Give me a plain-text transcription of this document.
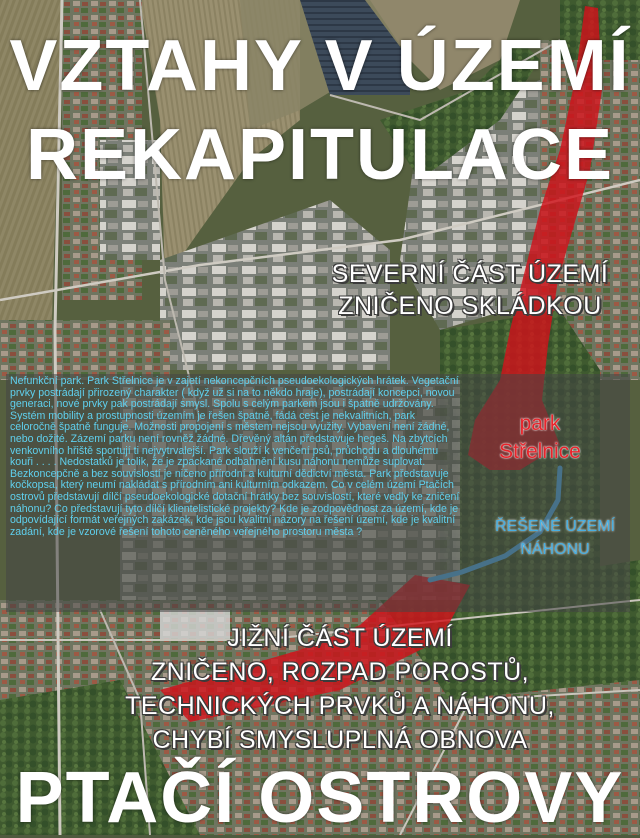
VZTAHY V ÚZEMÍ
REKAPITULACE

SEVERNÍ ČÁST ÚZEMÍ

ZNIČENO SKLÁDKOU

Nefunkční park. Park Střelnice je v zajetí nekoncepčních pseudoekologických hrátek. Vegetační prvky postrádají přirozený charakter ( když už si na to někdo hraje), postrádají koncepci, novou generaci, nové prvky pak postrádají smysl. Spolu s celým parkem jsou i špatně udržovány. Systém mobility a prostupnosti územím je řešen špatně, fádá cest je nekvalitních, park celoročně špatně funguje. Možnosti propojení s městem nejsou využity. Vybavení není žádné, nebo dožité. Zázemí parku není rovněž žádné. Dřevěný altán představuje hegeš. Na zbytcích venkovního hřiště sportují ti nejvytrvalejší. Park slouží k venčení psů, průchodu a dlouhému kouři . . . . Nedostatků je tolik, že je zpackané odbahnění kusu náhonu nemůže suplovat.
Bezkoncepčně a bez souvislostí je ničeno přírodní a kulturní dědictví města. Park představuje kočkopsa, který neumí nakládat s přírodním ani kulturním odkazem. Co v celém území Ptačích ostrovů představují dílčí pseudoekologické dotační hrátky bez souvislostí, které vedly ke zničení náhonu? Co představují tyto dílčí klientelistické projekty? Kde je zodpovědnost za území, kde je odpovídající formát veřejných zakázek, kde jsou kvalitní názory na řešení území, kde je kvalitní zadání, kde je vzorové řešení tohoto ceněného veřejného prostoru města ?

park

Střelnice

ŘEŠENÉ ÚZEMÍ

NÁHONU

JIŽNÍ ČÁST ÚZEMÍ

ZNIČENO, ROZPAD POROSTŮ,

TECHNICKÝCH PRVKŮ A NÁHONU,

CHYBÍ SMYSLUPLNÁ OBNOVA

PTAČÍ OSTROVY
